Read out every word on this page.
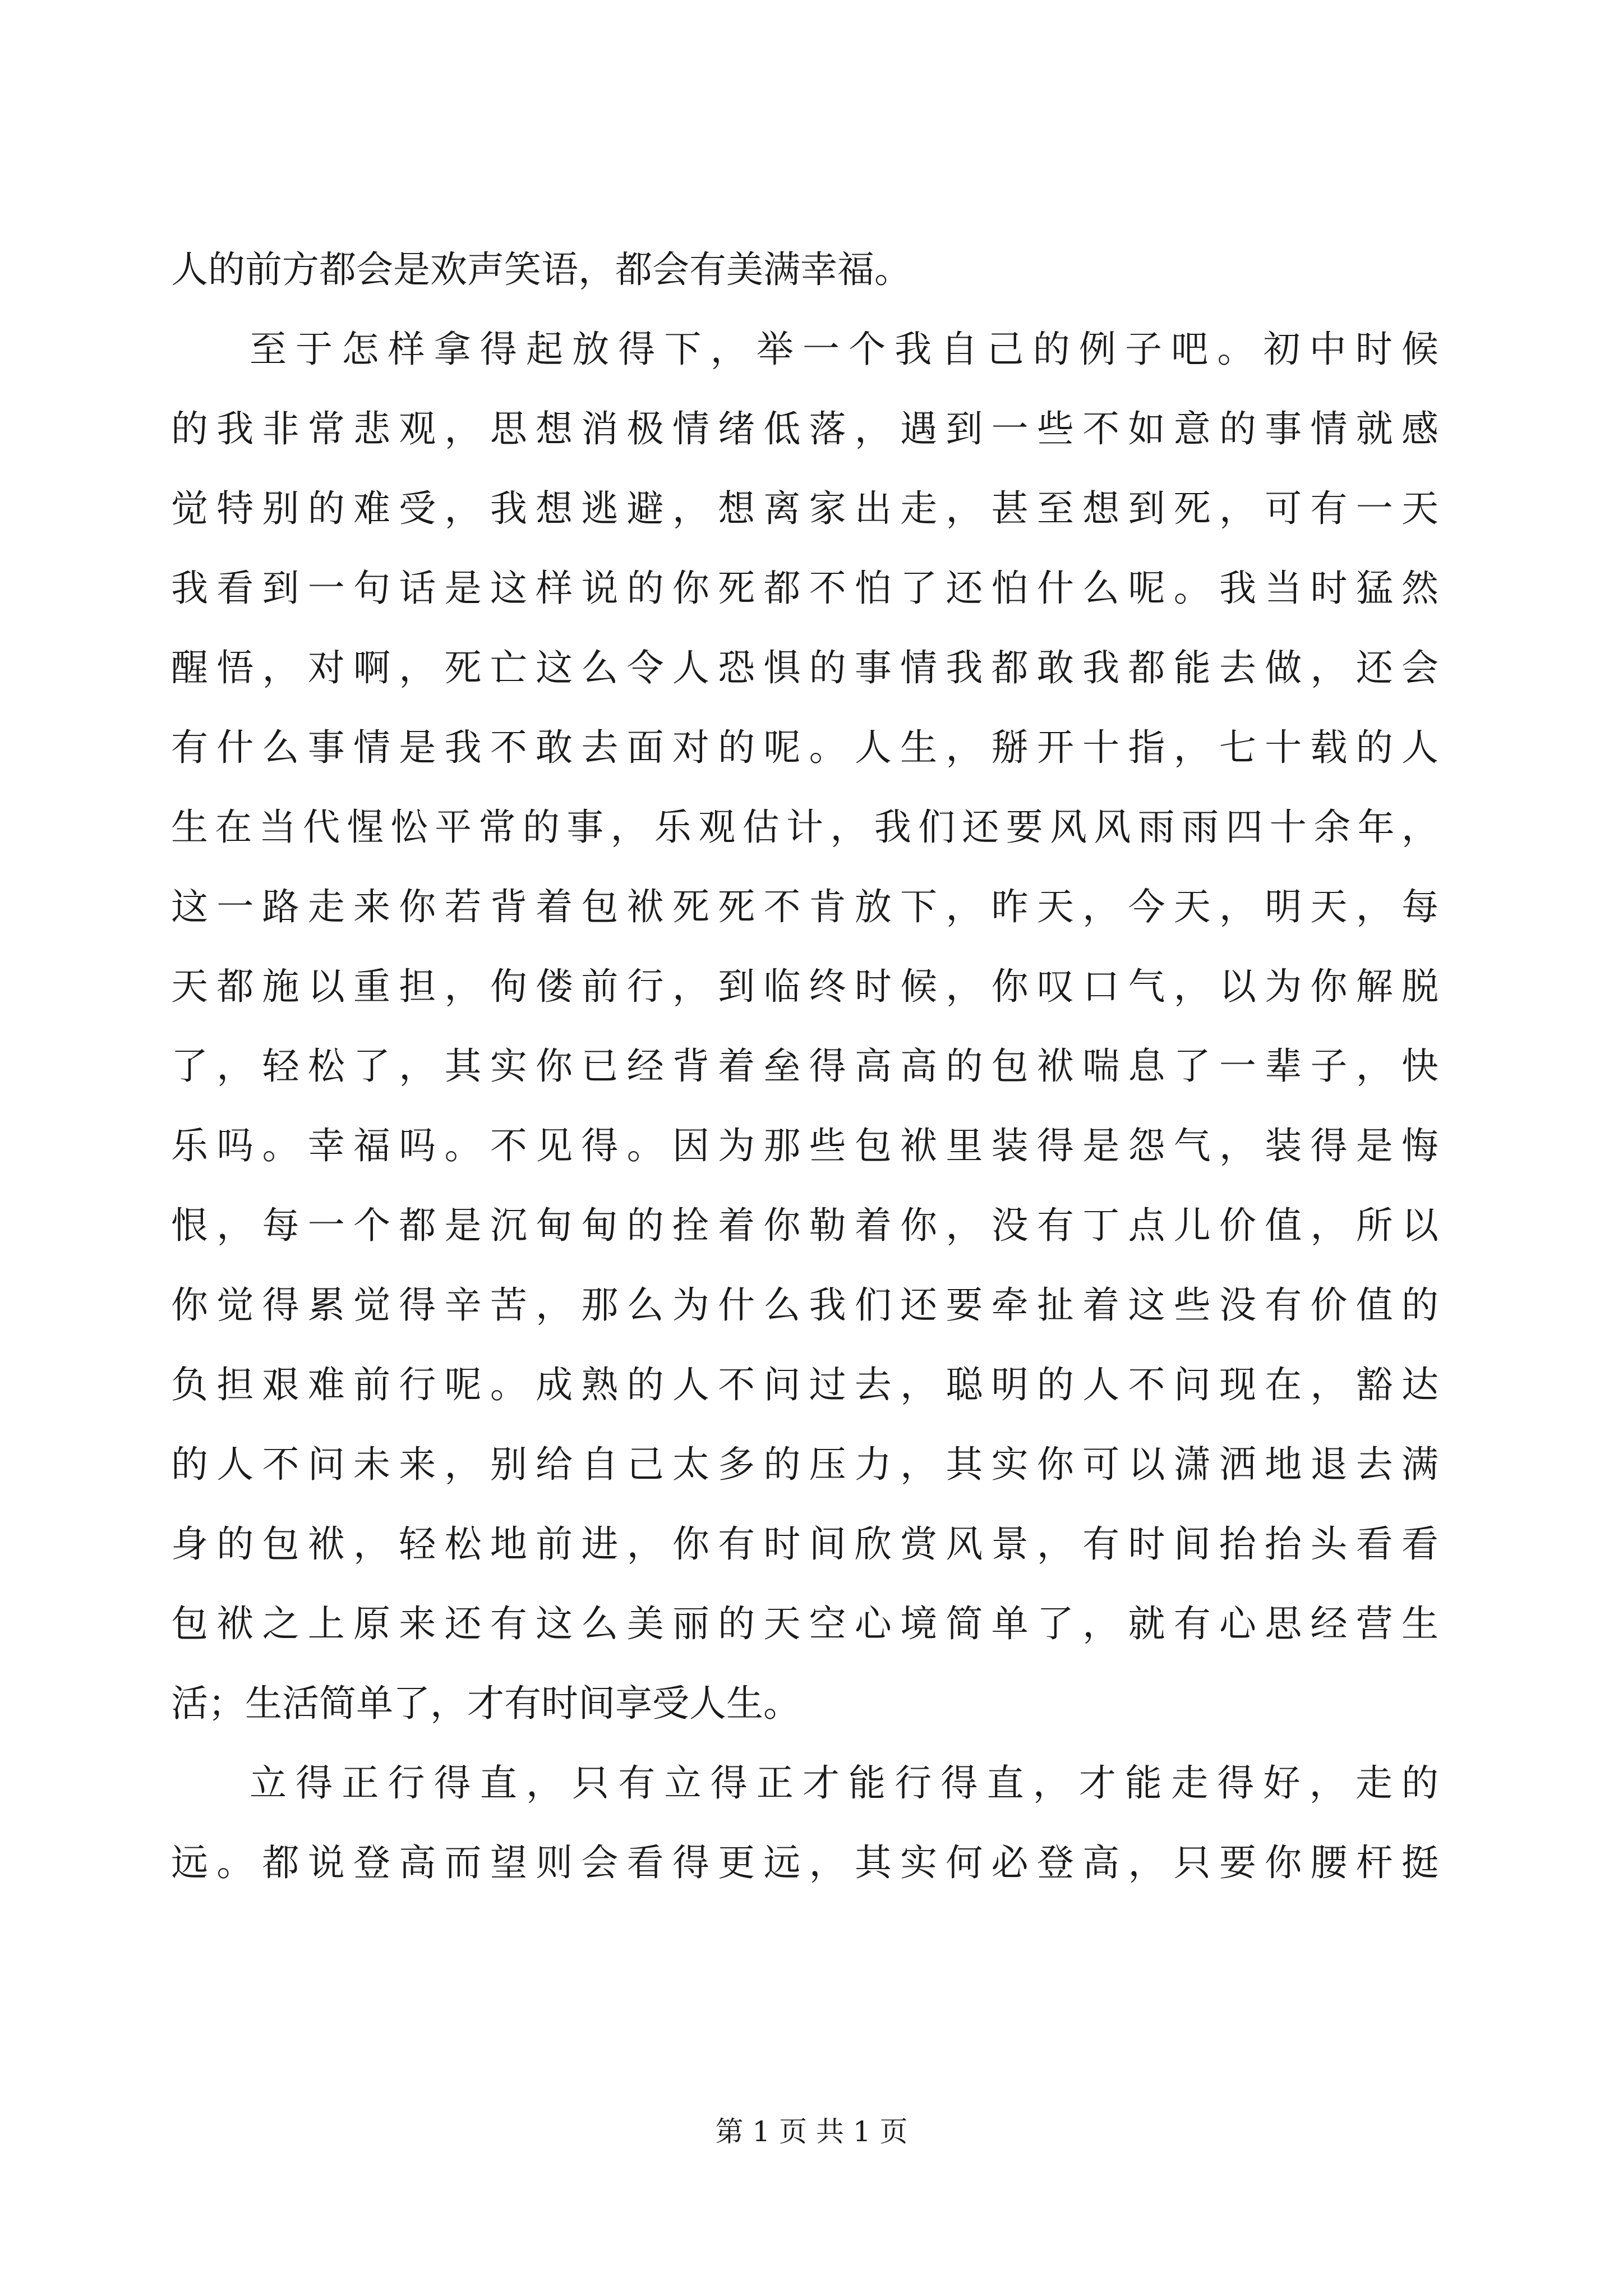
人的前方都会是欢声笑语，都会有美满幸福。
至于怎样拿得起放得下，举一个我自己的例子吧。初中时候
的我非常悲观，思想消极情绪低落，遇到一些不如意的事情就感
觉特别的难受，我想逃避，想离家出走，甚至想到死，可有一天
我看到一句话是这样说的你死都不怕了还怕什么呢。我当时猛然
醒悟，对啊，死亡这么令人恐惧的事情我都敢我都能去做，还会
有什么事情是我不敢去面对的呢。人生，掰开十指，七十载的人
生在当代惺忪平常的事，乐观估计，我们还要风风雨雨四十余年，
这一路走来你若背着包袱死死不肯放下，昨天，今天，明天，每
天都施以重担，佝偻前行，到临终时候，你叹口气，以为你解脱
了，轻松了，其实你已经背着垒得高高的包袱喘息了一辈子，快
乐吗。幸福吗。不见得。因为那些包袱里装得是怨气，装得是悔
恨，每一个都是沉甸甸的拴着你勒着你，没有丁点儿价值，所以
你觉得累觉得辛苦，那么为什么我们还要牵扯着这些没有价值的
负担艰难前行呢。成熟的人不问过去，聪明的人不问现在，豁达
的人不问未来，别给自己太多的压力，其实你可以潇洒地退去满
身的包袱，轻松地前进，你有时间欣赏风景，有时间抬抬头看看
包袱之上原来还有这么美丽的天空心境简单了，就有心思经营生
活；生活简单了，才有时间享受人生。
立得正行得直，只有立得正才能行得直，才能走得好，走的
远。都说登高而望则会看得更远，其实何必登高，只要你腰杆挺
第 1 页 共 1 页
